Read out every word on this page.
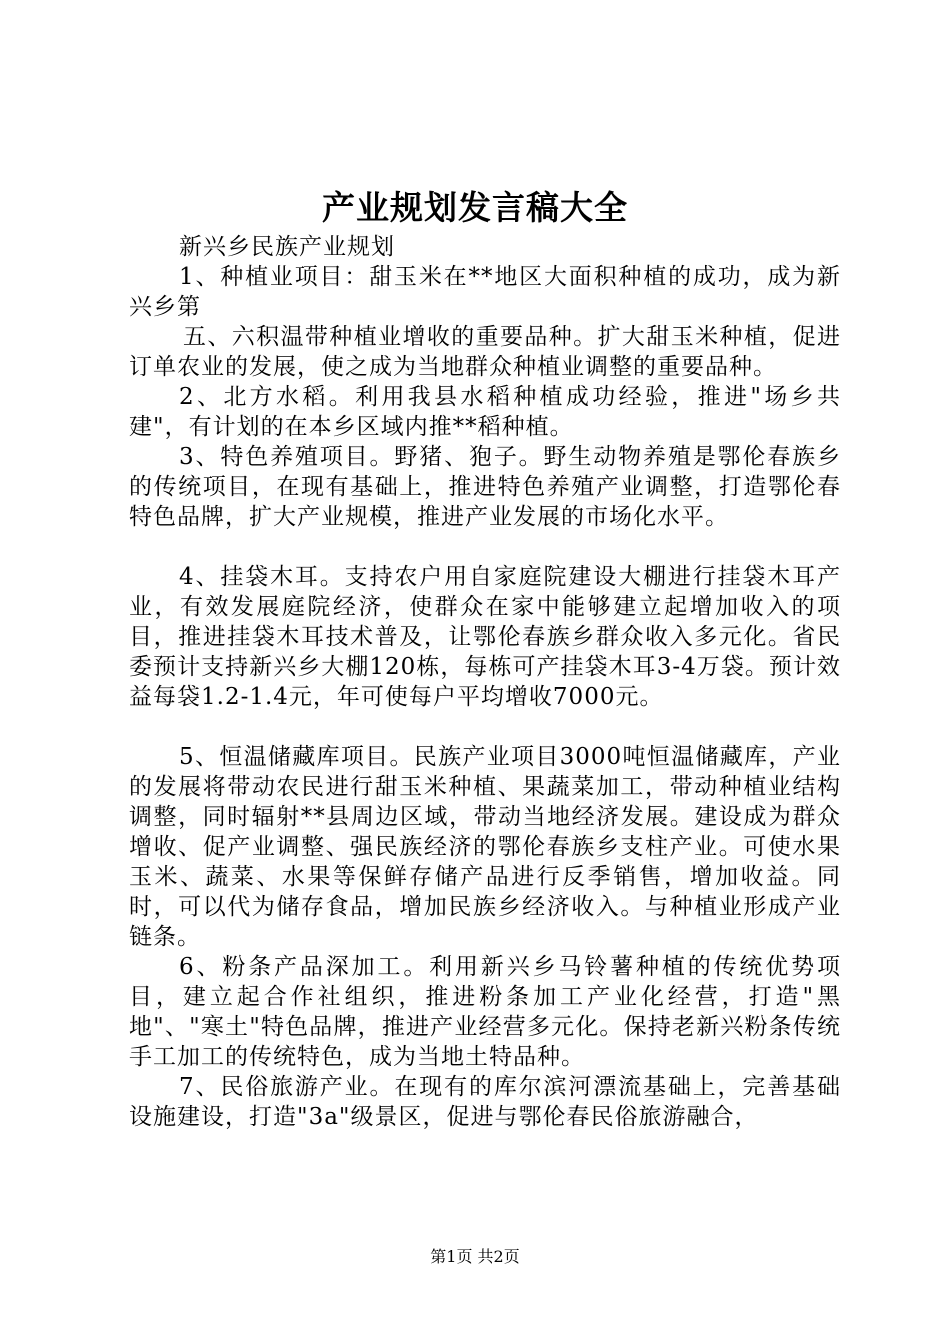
产业规划发言稿大全

新兴乡民族产业规划

1、种植业项目：甜玉米在**地区大面积种植的成功，成为新兴乡第

五、六积温带种植业增收的重要品种。扩大甜玉米种植，促进订单农业的发展，使之成为当地群众种植业调整的重要品种。

2、北方水稻。利用我县水稻种植成功经验，推进"场乡共建"，有计划的在本乡区域内推**稻种植。

3、特色养殖项目。野猪、狍子。野生动物养殖是鄂伦春族乡的传统项目，在现有基础上，推进特色养殖产业调整，打造鄂伦春特色品牌，扩大产业规模，推进产业发展的市场化水平。

4、挂袋木耳。支持农户用自家庭院建设大棚进行挂袋木耳产业，有效发展庭院经济，使群众在家中能够建立起增加收入的项目，推进挂袋木耳技术普及，让鄂伦春族乡群众收入多元化。省民委预计支持新兴乡大棚120栋，每栋可产挂袋木耳3-4万袋。预计效益每袋1.2-1.4元，年可使每户平均增收7000元。

5、恒温储藏库项目。民族产业项目3000吨恒温储藏库，产业的发展将带动农民进行甜玉米种植、果蔬菜加工，带动种植业结构调整，同时辐射**县周边区域，带动当地经济发展。建设成为群众增收、促产业调整、强民族经济的鄂伦春族乡支柱产业。可使水果玉米、蔬菜、水果等保鲜存储产品进行反季销售，增加收益。同时，可以代为储存食品，增加民族乡经济收入。与种植业形成产业链条。

6、粉条产品深加工。利用新兴乡马铃薯种植的传统优势项目，建立起合作社组织，推进粉条加工产业化经营，打造"黑地"、"寒土"特色品牌，推进产业经营多元化。保持老新兴粉条传统手工加工的传统特色，成为当地土特品种。

7、民俗旅游产业。在现有的库尔滨河漂流基础上，完善基础设施建设，打造"3a"级景区，促进与鄂伦春民俗旅游融合，

第1页 共2页
